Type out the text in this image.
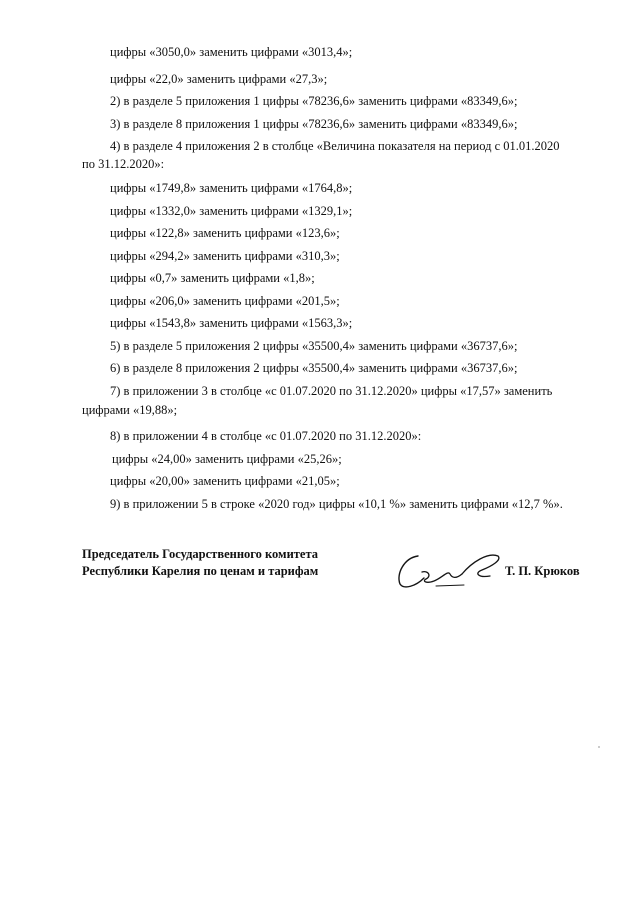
цифры «3050,0» заменить цифрами «3013,4»;
цифры «22,0» заменить цифрами «27,3»;
2) в разделе 5 приложения 1 цифры «78236,6» заменить цифрами «83349,6»;
3) в разделе 8 приложения 1 цифры «78236,6» заменить цифрами «83349,6»;
4) в разделе 4 приложения 2 в столбце «Величина показателя на период с 01.01.2020
по 31.12.2020»:
цифры «1749,8» заменить цифрами «1764,8»;
цифры «1332,0» заменить цифрами «1329,1»;
цифры «122,8» заменить цифрами «123,6»;
цифры «294,2» заменить цифрами «310,3»;
цифры «0,7» заменить цифрами «1,8»;
цифры «206,0» заменить цифрами «201,5»;
цифры «1543,8» заменить цифрами «1563,3»;
5) в разделе 5 приложения 2 цифры «35500,4» заменить цифрами «36737,6»;
6) в разделе 8 приложения 2 цифры «35500,4» заменить цифрами «36737,6»;
7) в приложении 3 в столбце «с 01.07.2020 по 31.12.2020» цифры «17,57» заменить
цифрами «19,88»;
8) в приложении 4 в столбце «с 01.07.2020 по 31.12.2020»:
цифры «24,00» заменить цифрами «25,26»;
цифры «20,00» заменить цифрами «21,05»;
9) в приложении 5 в строке «2020 год» цифры «10,1 %» заменить цифрами «12,7 %».
Председатель Государственного комитета
Республики Карелия по ценам и тарифам	Т. П. Крюков
